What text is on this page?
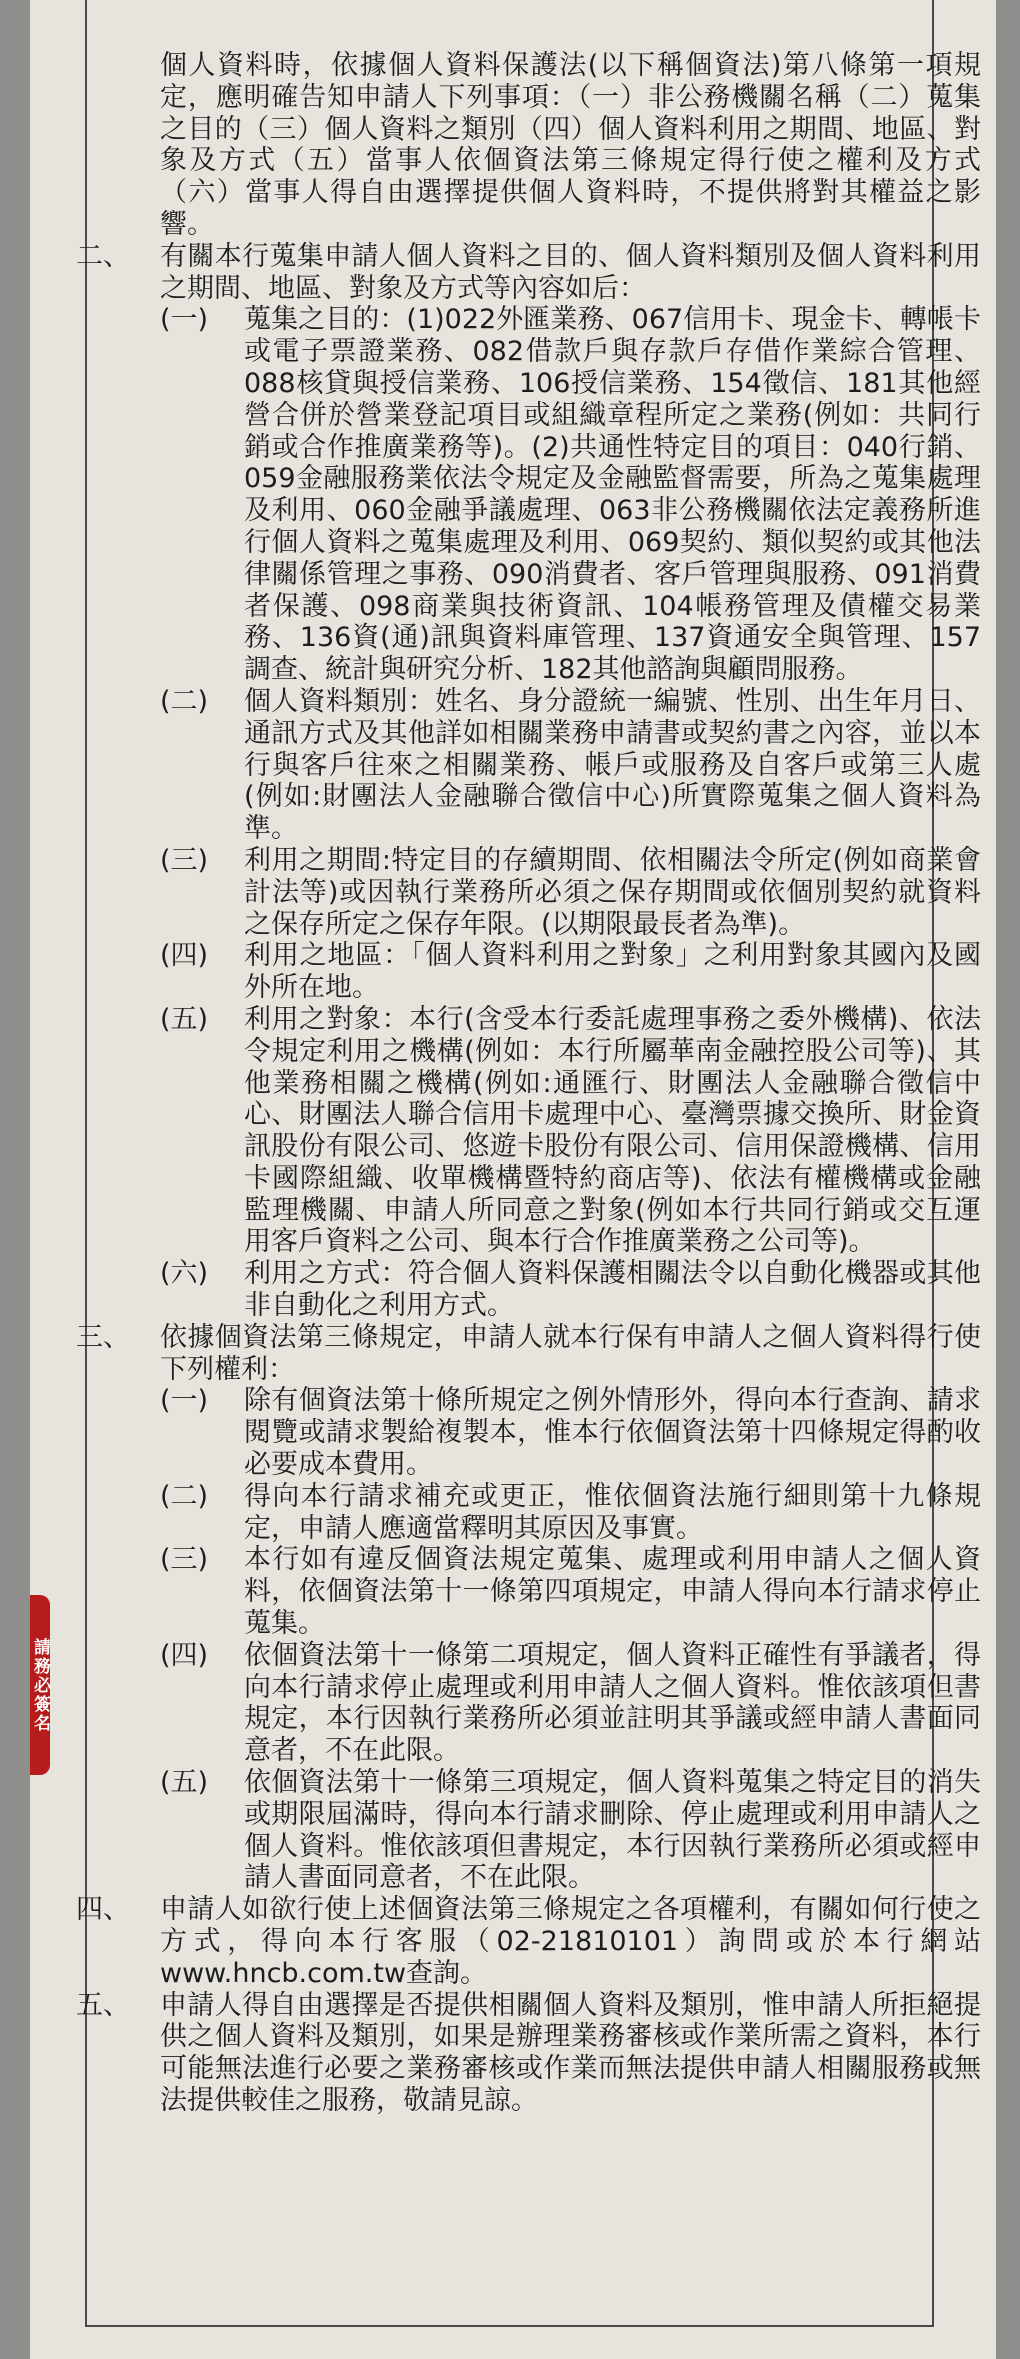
請務必簽名

個人資料時，依據個人資料保護法(以下稱個資法)第八條第一項規定，應明確告知申請人下列事項：（一）非公務機關名稱（二）蒐集之目的（三）個人資料之類別（四）個人資料利用之期間、地區、對象及方式（五）當事人依個資法第三條規定得行使之權利及方式（六）當事人得自由選擇提供個人資料時，不提供將對其權益之影響。

二、 有關本行蒐集申請人個人資料之目的、個人資料類別及個人資料利用之期間、地區、對象及方式等內容如后：

(一) 蒐集之目的：(1)022外匯業務、067信用卡、現金卡、轉帳卡或電子票證業務、082借款戶與存款戶存借作業綜合管理、088核貸與授信業務、106授信業務、154徵信、181其他經營合併於營業登記項目或組織章程所定之業務(例如：共同行銷或合作推廣業務等)。(2)共通性特定目的項目：040行銷、059金融服務業依法令規定及金融監督需要，所為之蒐集處理及利用、060金融爭議處理、063非公務機關依法定義務所進行個人資料之蒐集處理及利用、069契約、類似契約或其他法律關係管理之事務、090消費者、客戶管理與服務、091消費者保護、098商業與技術資訊、104帳務管理及債權交易業務、136資(通)訊與資料庫管理、137資通安全與管理、157調查、統計與研究分析、182其他諮詢與顧問服務。

(二) 個人資料類別：姓名、身分證統一編號、性別、出生年月日、通訊方式及其他詳如相關業務申請書或契約書之內容，並以本行與客戶往來之相關業務、帳戶或服務及自客戶或第三人處(例如:財團法人金融聯合徵信中心)所實際蒐集之個人資料為準。

(三) 利用之期間:特定目的存續期間、依相關法令所定(例如商業會計法等)或因執行業務所必須之保存期間或依個別契約就資料之保存所定之保存年限。(以期限最長者為準)。

(四) 利用之地區：「個人資料利用之對象」之利用對象其國內及國外所在地。

(五) 利用之對象：本行(含受本行委託處理事務之委外機構)、依法令規定利用之機構(例如：本行所屬華南金融控股公司等)、其他業務相關之機構(例如:通匯行、財團法人金融聯合徵信中心、財團法人聯合信用卡處理中心、臺灣票據交換所、財金資訊股份有限公司、悠遊卡股份有限公司、信用保證機構、信用卡國際組織、收單機構暨特約商店等)、依法有權機構或金融監理機關、申請人所同意之對象(例如本行共同行銷或交互運用客戶資料之公司、與本行合作推廣業務之公司等)。

(六) 利用之方式：符合個人資料保護相關法令以自動化機器或其他非自動化之利用方式。

三、 依據個資法第三條規定，申請人就本行保有申請人之個人資料得行使下列權利：

(一) 除有個資法第十條所規定之例外情形外，得向本行查詢、請求閱覽或請求製給複製本，惟本行依個資法第十四條規定得酌收必要成本費用。

(二) 得向本行請求補充或更正，惟依個資法施行細則第十九條規定，申請人應適當釋明其原因及事實。

(三) 本行如有違反個資法規定蒐集、處理或利用申請人之個人資料，依個資法第十一條第四項規定，申請人得向本行請求停止蒐集。

(四) 依個資法第十一條第二項規定，個人資料正確性有爭議者，得向本行請求停止處理或利用申請人之個人資料。惟依該項但書規定，本行因執行業務所必須並註明其爭議或經申請人書面同意者，不在此限。

(五) 依個資法第十一條第三項規定，個人資料蒐集之特定目的消失或期限屆滿時，得向本行請求刪除、停止處理或利用申請人之個人資料。惟依該項但書規定，本行因執行業務所必須或經申請人書面同意者，不在此限。

四、 申請人如欲行使上述個資法第三條規定之各項權利，有關如何行使之方式，得向本行客服（02-21810101）詢問或於本行網站www.hncb.com.tw查詢。

五、 申請人得自由選擇是否提供相關個人資料及類別，惟申請人所拒絕提供之個人資料及類別，如果是辦理業務審核或作業所需之資料，本行可能無法進行必要之業務審核或作業而無法提供申請人相關服務或無法提供較佳之服務，敬請見諒。
